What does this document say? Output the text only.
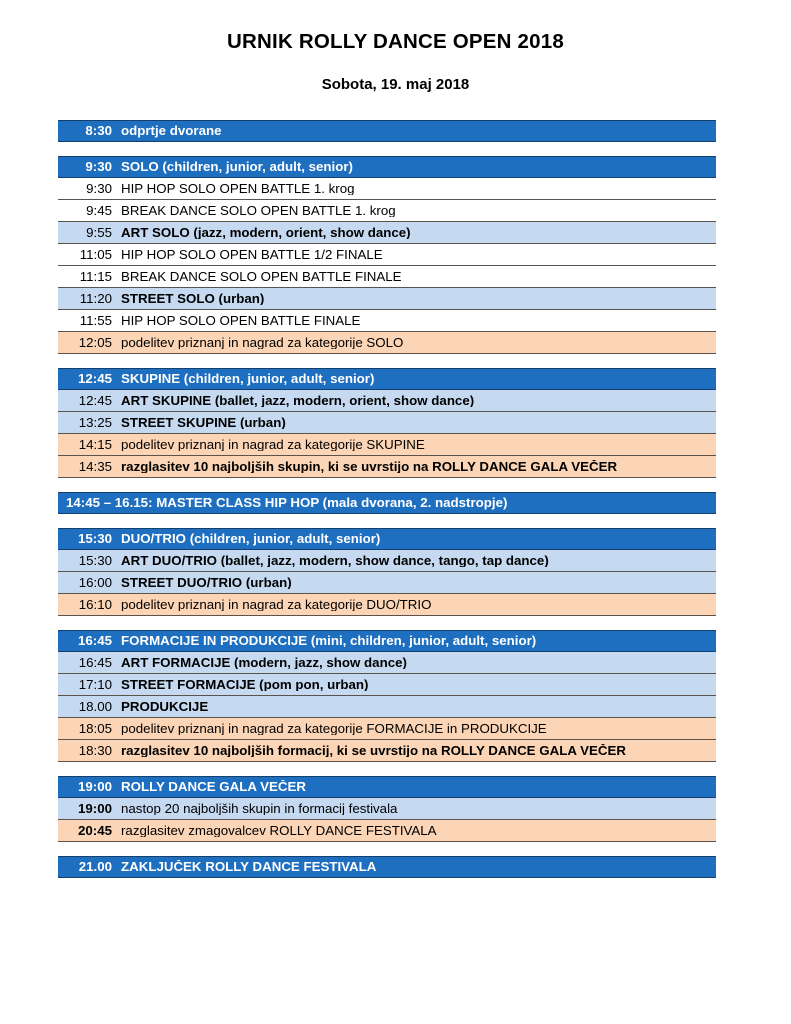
URNIK ROLLY DANCE OPEN 2018
Sobota, 19. maj 2018
8:30 odprtje dvorane
9:30 SOLO (children, junior, adult, senior)
9:30 HIP HOP SOLO OPEN BATTLE 1. krog
9:45 BREAK DANCE SOLO OPEN BATTLE 1. krog
9:55 ART SOLO (jazz, modern, orient, show dance)
11:05 HIP HOP SOLO OPEN BATTLE 1/2 FINALE
11:15 BREAK DANCE SOLO OPEN BATTLE FINALE
11:20 STREET SOLO (urban)
11:55 HIP HOP SOLO OPEN BATTLE FINALE
12:05 podelitev priznanj in nagrad za kategorije SOLO
12:45 SKUPINE (children, junior, adult, senior)
12:45 ART SKUPINE (ballet, jazz, modern, orient, show dance)
13:25 STREET SKUPINE (urban)
14:15 podelitev priznanj in nagrad za kategorije SKUPINE
14:35 razglasitev 10 najboljših skupin, ki se uvrstijo na ROLLY DANCE GALA VEČER
14:45 – 16.15: MASTER CLASS HIP HOP (mala dvorana, 2. nadstropje)
15:30 DUO/TRIO (children, junior, adult, senior)
15:30 ART DUO/TRIO (ballet, jazz, modern, show dance, tango, tap dance)
16:00 STREET DUO/TRIO (urban)
16:10 podelitev priznanj in nagrad za kategorije DUO/TRIO
16:45 FORMACIJE IN PRODUKCIJE (mini, children, junior, adult, senior)
16:45 ART FORMACIJE (modern, jazz, show dance)
17:10 STREET FORMACIJE (pom pon, urban)
18.00 PRODUKCIJE
18:05 podelitev priznanj in nagrad za kategorije FORMACIJE in PRODUKCIJE
18:30 razglasitev 10 najboljših formacij, ki se uvrstijo na ROLLY DANCE GALA VEČER
19:00 ROLLY DANCE GALA VEČER
19:00 nastop 20 najboljših skupin in formacij festivala
20:45 razglasitev zmagovalcev ROLLY DANCE FESTIVALA
21.00 ZAKLJUČEK ROLLY DANCE FESTIVALA
